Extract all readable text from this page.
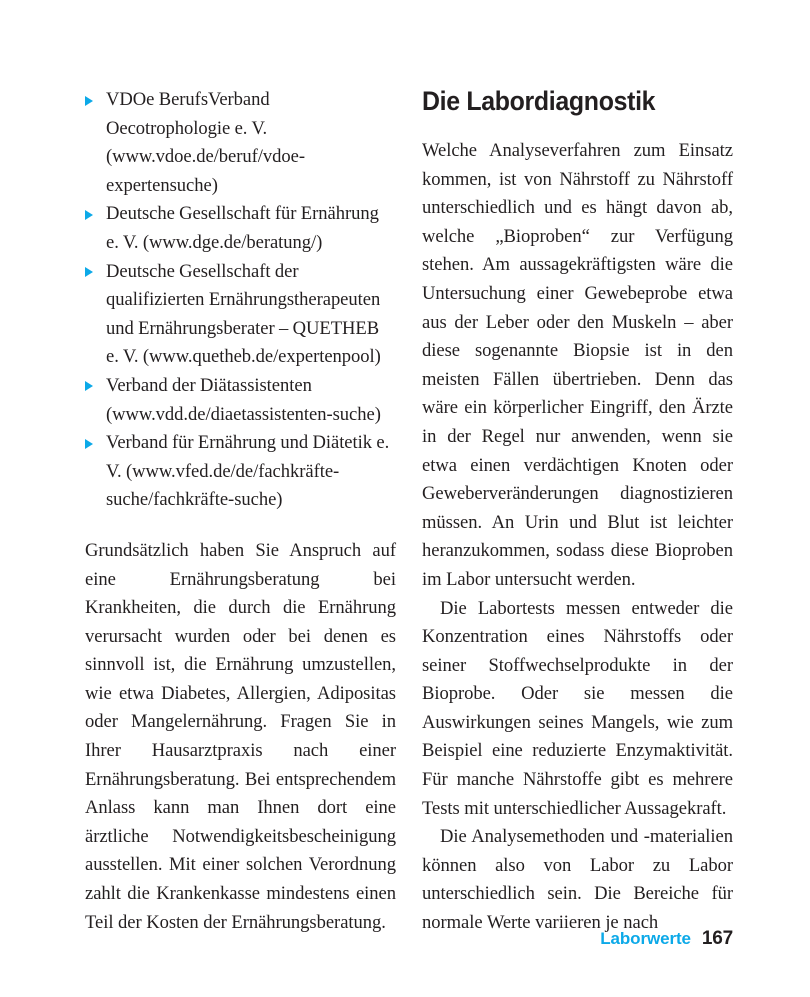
VDOe BerufsVerband Oecotrophologie e. V. (www.vdoe.de/beruf/vdoe-expertensuche)
Deutsche Gesellschaft für Ernährung e. V. (www.dge.de/beratung/)
Deutsche Gesellschaft der qualifizierten Ernährungstherapeuten und Ernährungsberater – QUETHEB e. V. (www.quetheb.de/expertenpool)
Verband der Diätassistenten (www.vdd.de/diaetassistenten-suche)
Verband für Ernährung und Diätetik e. V. (www.vfed.de/de/fachkräfte-suche/fachkräfte-suche)

Grundsätzlich haben Sie Anspruch auf eine Ernährungsberatung bei Krankheiten, die durch die Ernährung verursacht wurden oder bei denen es sinnvoll ist, die Ernährung umzustellen, wie etwa Diabetes, Allergien, Adipositas oder Mangelernährung. Fragen Sie in Ihrer Hausarztpraxis nach einer Ernährungsberatung. Bei entsprechendem Anlass kann man Ihnen dort eine ärztliche Notwendigkeitsbescheinigung ausstellen. Mit einer solchen Verordnung zahlt die Krankenkasse mindestens einen Teil der Kosten der Ernährungsberatung.

Die Labordiagnostik

Welche Analyseverfahren zum Einsatz kommen, ist von Nährstoff zu Nährstoff unterschiedlich und es hängt davon ab, welche „Bioproben“ zur Verfügung stehen. Am aussagekräftigsten wäre die Untersuchung einer Gewebeprobe etwa aus der Leber oder den Muskeln – aber diese sogenannte Biopsie ist in den meisten Fällen übertrieben. Denn das wäre ein körperlicher Eingriff, den Ärzte in der Regel nur anwenden, wenn sie etwa einen verdächtigen Knoten oder Geweberveränderungen diagnostizieren müssen. An Urin und Blut ist leichter heranzukommen, sodass diese Bioproben im Labor untersucht werden.

Die Labortests messen entweder die Konzentration eines Nährstoffs oder seiner Stoffwechselprodukte in der Bioprobe. Oder sie messen die Auswirkungen seines Mangels, wie zum Beispiel eine reduzierte Enzymaktivität. Für manche Nährstoffe gibt es mehrere Tests mit unterschiedlicher Aussagekraft.

Die Analysemethoden und -materialien können also von Labor zu Labor unterschiedlich sein. Die Bereiche für normale Werte variieren je nach

Laborwerte 167
